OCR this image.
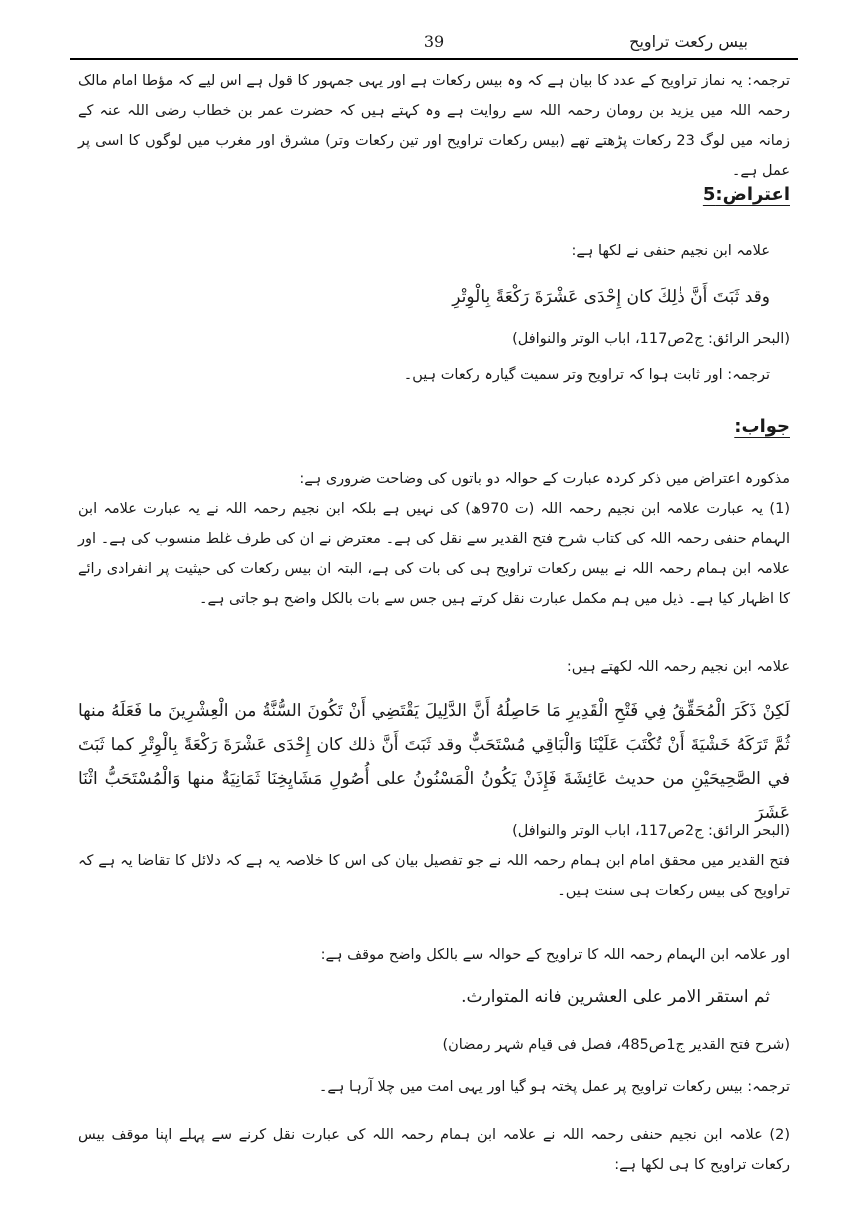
بیس رکعت تراویح
39

ترجمہ: یہ نماز تراویح کے عدد کا بیان ہے کہ وہ بیس رکعات ہے اور یہی جمہور کا قول ہے اس لیے کہ مؤطا امام مالک رحمہ اللہ میں یزید بن رومان رحمہ اللہ سے روایت ہے وہ کہتے ہیں کہ حضرت عمر بن خطاب رضی اللہ عنہ کے زمانہ میں لوگ 23 رکعات پڑھتے تھے (بیس رکعات تراویح اور تین رکعات وتر) مشرق اور مغرب میں لوگوں کا اسی پر عمل ہے۔

اعتراض:5

علامہ ابن نجیم حنفی نے لکھا ہے:

وقد ثَبَتَ أَنَّ ذٰلِكَ كان إِحْدَى عَشْرَةَ رَكْعَةً بِالْوِتْرِ

(البحر الرائق: ج2ص117، اباب الوتر والنوافل)

ترجمہ: اور ثابت ہوا کہ تراویح وتر سمیت گیارہ رکعات ہیں۔

جواب:

مذکورہ اعتراض میں ذکر کردہ عبارت کے حوالہ دو باتوں کی وضاحت ضروری ہے:

(1) یہ عبارت علامہ ابن نجیم رحمہ اللہ (ت 970ھ) کی نہیں ہے بلکہ ابن نجیم رحمہ اللہ نے یہ عبارت علامہ ابن الہمام حنفی رحمہ اللہ کی کتاب شرح فتح القدیر سے نقل کی ہے۔ معترض نے ان کی طرف غلط منسوب کی ہے۔ اور علامہ ابن ہمام رحمہ اللہ نے بیس رکعات تراویح ہی کی بات کی ہے، البتہ ان بیس رکعات کی حیثیت پر انفرادی رائے کا اظہار کیا ہے۔ ذیل میں ہم مکمل عبارت نقل کرتے ہیں جس سے بات بالکل واضح ہو جاتی ہے۔

علامہ ابن نجیم رحمہ اللہ لکھتے ہیں:

لَكِنْ ذَكَرَ الْمُحَقِّقُ فِي فَتْحِ الْقَدِيرِ مَا حَاصِلُهُ أَنَّ الدَّلِيلَ يَقْتَضِي أَنْ تَكُونَ السُّنَّةُ من الْعِشْرِينَ ما فَعَلَهُ منها ثُمَّ تَرَكَهُ خَشْيَةَ أَنْ تُكْتَبَ عَلَيْنَا وَالْبَاقِي مُسْتَحَبٌّ وقد ثَبَتَ أَنَّ ذلك كان إِحْدَى عَشْرَةَ رَكْعَةً بِالْوِتْرِ كما ثَبَتَ في الصَّحِيحَيْنِ من حديث عَائِشَةَ فَإِذَنْ يَكُونُ الْمَسْنُونُ على أُصُولِ مَشَايِخِنَا ثَمَانِيَةٌ منها وَالْمُسْتَحَبُّ اثْنَا عَشَرَ

(البحر الرائق: ج2ص117، اباب الوتر والنوافل)

فتح القدیر میں محقق امام ابن ہمام رحمہ اللہ نے جو تفصیل بیان کی اس کا خلاصہ یہ ہے کہ دلائل کا تقاضا یہ ہے کہ تراویح کی بیس رکعات ہی سنت ہیں۔

اور علامہ ابن الہمام رحمہ اللہ کا تراویح کے حوالہ سے بالکل واضح موقف ہے:

ثم استقر الامر على العشرين فانه المتوارث.

(شرح فتح القدیر ج1ص485، فصل فی قیام شہر رمضان)

ترجمہ: بیس رکعات تراویح پر عمل پختہ ہو گیا اور یہی امت میں چلا آرہا ہے۔

(2) علامہ ابن نجیم حنفی رحمہ اللہ نے علامہ ابن ہمام رحمہ اللہ کی عبارت نقل کرنے سے پہلے اپنا موقف بیس رکعات تراویح کا ہی لکھا ہے:
